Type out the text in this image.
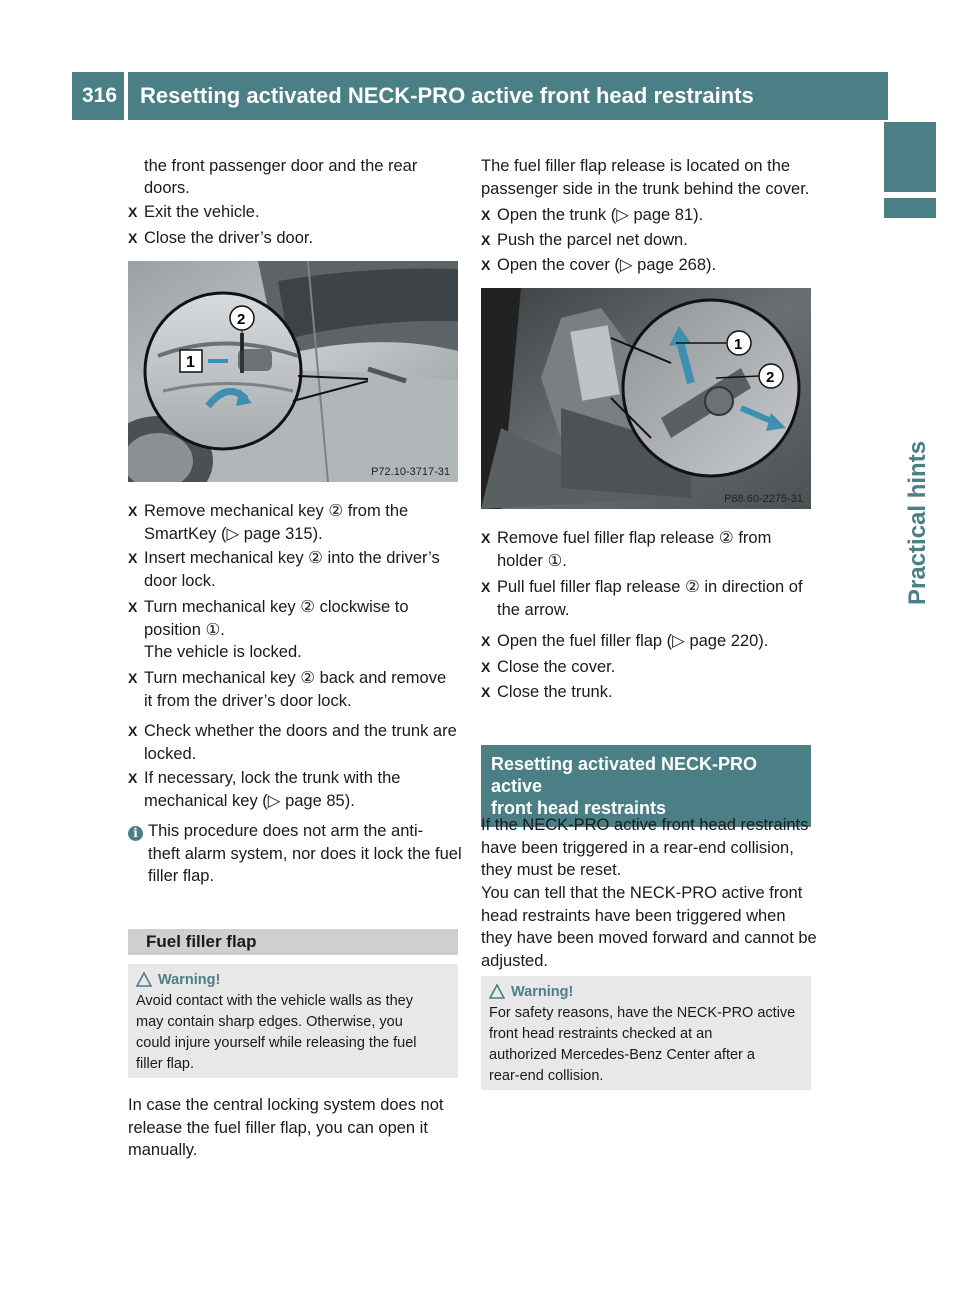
316	Resetting activated NECK-PRO active front head restraints
Practical hints
the front passenger door and the rear
doors.
X Exit the vehicle.
X Close the driver’s door.
1
2
P72.10-3717-31
X Remove mechanical key ② from the
SmartKey (▷ page 315).
X Insert mechanical key ② into the driver’s
door lock.
X Turn mechanical key ② clockwise to
position ①.
The vehicle is locked.
X Turn mechanical key ② back and remove
it from the driver’s door lock.
X Check whether the doors and the trunk are
locked.
X If necessary, lock the trunk with the
mechanical key (▷ page 85).
i This procedure does not arm the anti-
theft alarm system, nor does it lock the fuel
filler flap.
Fuel filler flap
Warning!
Avoid contact with the vehicle walls as they
may contain sharp edges. Otherwise, you
could injure yourself while releasing the fuel
filler flap.
In case the central locking system does not
release the fuel filler flap, you can open it
manually.
The fuel filler flap release is located on the
passenger side in the trunk behind the cover.
X Open the trunk (▷ page 81).
X Push the parcel net down.
X Open the cover (▷ page 268).
1
2
P88.60-2275-31
X Remove fuel filler flap release ② from
holder ①.
X Pull fuel filler flap release ② in direction of
the arrow.
X Open the fuel filler flap (▷ page 220).
X Close the cover.
X Close the trunk.
Resetting activated NECK-PRO active
front head restraints
If the NECK-PRO active front head restraints
have been triggered in a rear-end collision,
they must be reset.
You can tell that the NECK-PRO active front
head restraints have been triggered when
they have been moved forward and cannot be
adjusted.
Warning!
For safety reasons, have the NECK-PRO active
front head restraints checked at an
authorized Mercedes-Benz Center after a
rear-end collision.
